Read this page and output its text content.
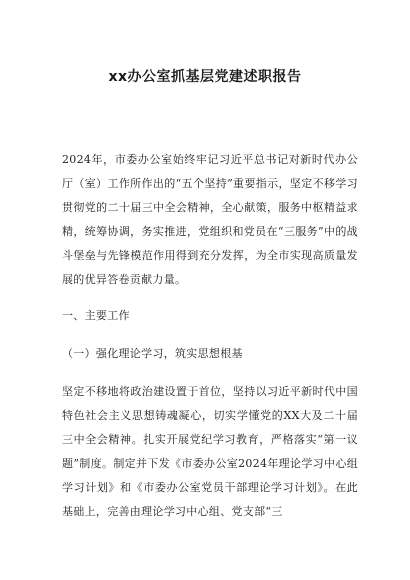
xx办公室抓基层党建述职报告

2024年，市委办公室始终牢记习近平总书记对新时代办公厅（室）工作所作出的“五个坚持”重要指示，坚定不移学习贯彻党的二十届三中全会精神，全心献策，服务中枢精益求精，统筹协调，务实推进，党组织和党员在“三服务”中的战斗堡垒与先锋模范作用得到充分发挥，为全市实现高质量发展的优异答卷贡献力量。

一、主要工作

（一）强化理论学习，筑实思想根基

坚定不移地将政治建设置于首位，坚持以习近平新时代中国特色社会主义思想铸魂凝心，切实学懂党的XX大及二十届三中全会精神。扎实开展党纪学习教育，严格落实“第一议题”制度。制定并下发《市委办公室2024年理论学习中心组学习计划》和《市委办公室党员干部理论学习计划》。在此基础上，完善由理论学习中心组、党支部“三
